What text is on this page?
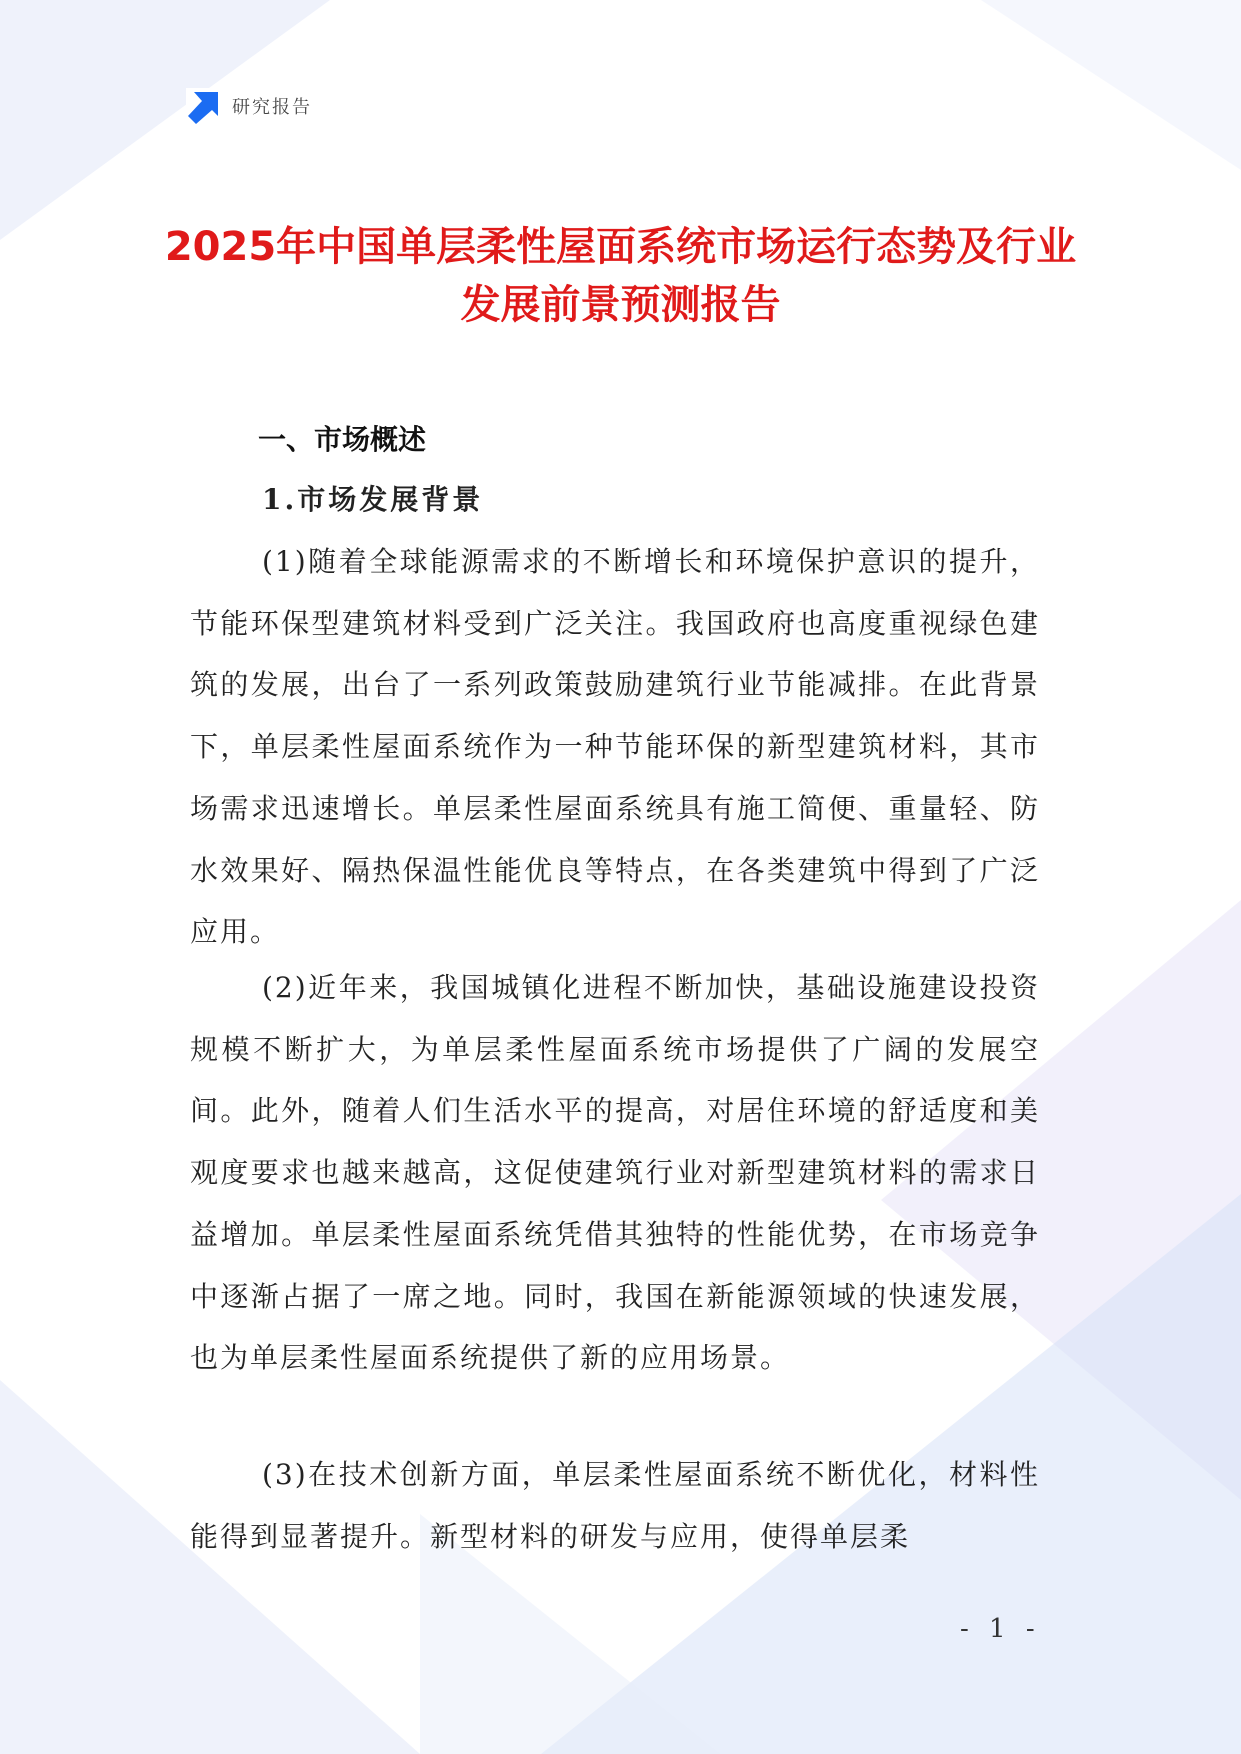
研究报告
2025年中国单层柔性屋面系统市场运行态势及行业发展前景预测报告
一、市场概述
1.市场发展背景

(1)随着全球能源需求的不断增长和环境保护意识的提升，节能环保型建筑材料受到广泛关注。我国政府也高度重视绿色建筑的发展，出台了一系列政策鼓励建筑行业节能减排。在此背景下，单层柔性屋面系统作为一种节能环保的新型建筑材料，其市场需求迅速增长。单层柔性屋面系统具有施工简便、重量轻、防水效果好、隔热保温性能优良等特点，在各类建筑中得到了广泛应用。

(2)近年来，我国城镇化进程不断加快，基础设施建设投资规模不断扩大，为单层柔性屋面系统市场提供了广阔的发展空间。此外，随着人们生活水平的提高，对居住环境的舒适度和美观度要求也越来越高，这促使建筑行业对新型建筑材料的需求日益增加。单层柔性屋面系统凭借其独特的性能优势，在市场竞争中逐渐占据了一席之地。同时，我国在新能源领域的快速发展，也为单层柔性屋面系统提供了新的应用场景。

(3)在技术创新方面，单层柔性屋面系统不断优化，材料性能得到显著提升。新型材料的研发与应用，使得单层柔

- 1 -
